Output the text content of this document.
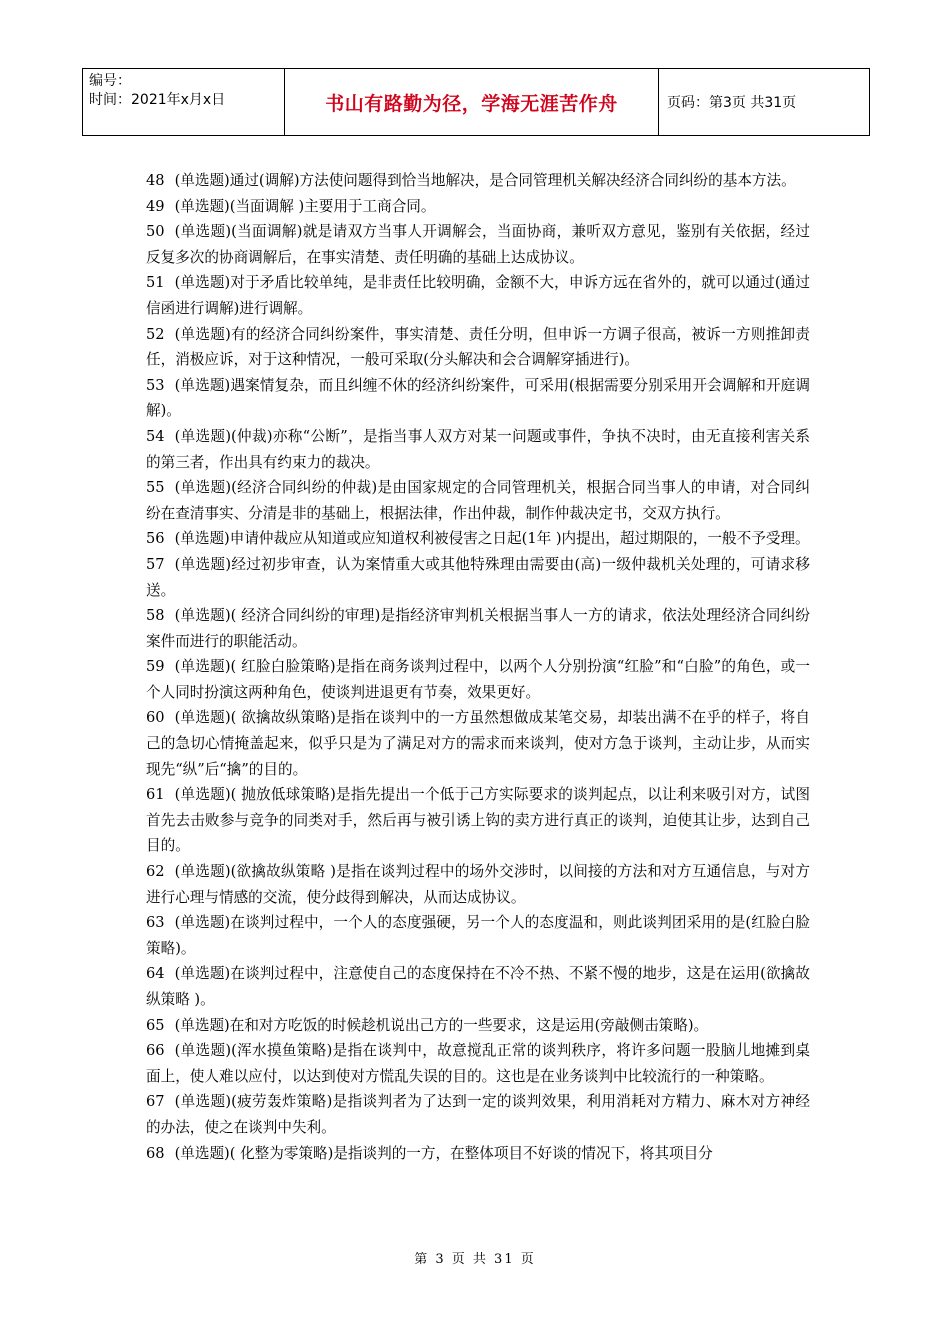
编号：
时间：2021年x月x日	书山有路勤为径，学海无涯苦作舟	页码：第3页 共31页

48 (单选题)通过(调解)方法使问题得到恰当地解决，是合同管理机关解决经济合同纠纷的基本方法。

49 (单选题)(当面调解 )主要用于工商合同。

50 (单选题)(当面调解)就是请双方当事人开调解会，当面协商，兼听双方意见，鉴别有关依据，经过反复多次的协商调解后，在事实清楚、责任明确的基础上达成协议。

51 (单选题)对于矛盾比较单纯，是非责任比较明确，金额不大，申诉方远在省外的，就可以通过(通过信函进行调解)进行调解。

52 (单选题)有的经济合同纠纷案件，事实清楚、责任分明，但申诉一方调子很高，被诉一方则推卸责任，消极应诉，对于这种情况，一般可采取(分头解决和会合调解穿插进行)。

53 (单选题)遇案情复杂，而且纠缠不休的经济纠纷案件，可采用(根据需要分别采用开会调解和开庭调解)。

54 (单选题)(仲裁)亦称“公断”，是指当事人双方对某一问题或事件，争执不决时，由无直接利害关系的第三者，作出具有约束力的裁决。

55 (单选题)(经济合同纠纷的仲裁)是由国家规定的合同管理机关，根据合同当事人的申请，对合同纠纷在查清事实、分清是非的基础上，根据法律，作出仲裁，制作仲裁决定书，交双方执行。

56 (单选题)申请仲裁应从知道或应知道权利被侵害之日起(1年 )内提出，超过期限的，一般不予受理。

57 (单选题)经过初步审查，认为案情重大或其他特殊理由需要由(高)一级仲裁机关处理的，可请求移送。

58 (单选题)( 经济合同纠纷的审理)是指经济审判机关根据当事人一方的请求，依法处理经济合同纠纷案件而进行的职能活动。

59 (单选题)( 红脸白脸策略)是指在商务谈判过程中，以两个人分别扮演“红脸”和“白脸”的角色，或一个人同时扮演这两种角色，使谈判进退更有节奏，效果更好。

60 (单选题)( 欲擒故纵策略)是指在谈判中的一方虽然想做成某笔交易，却装出满不在乎的样子，将自己的急切心情掩盖起来，似乎只是为了满足对方的需求而来谈判，使对方急于谈判，主动让步，从而实现先“纵”后“擒”的目的。

61 (单选题)( 抛放低球策略)是指先提出一个低于己方实际要求的谈判起点，以让利来吸引对方，试图首先去击败参与竞争的同类对手，然后再与被引诱上钩的卖方进行真正的谈判，迫使其让步，达到自己目的。

62 (单选题)(欲擒故纵策略 )是指在谈判过程中的场外交涉时，以间接的方法和对方互通信息，与对方进行心理与情感的交流，使分歧得到解决，从而达成协议。

63 (单选题)在谈判过程中，一个人的态度强硬，另一个人的态度温和，则此谈判团采用的是(红脸白脸策略)。

64 (单选题)在谈判过程中，注意使自己的态度保持在不冷不热、不紧不慢的地步，这是在运用(欲擒故纵策略 )。

65 (单选题)在和对方吃饭的时候趁机说出己方的一些要求，这是运用(旁敲侧击策略)。

66 (单选题)(浑水摸鱼策略)是指在谈判中，故意搅乱正常的谈判秩序，将许多问题一股脑儿地摊到桌面上，使人难以应付，以达到使对方慌乱失误的目的。这也是在业务谈判中比较流行的一种策略。

67 (单选题)(疲劳轰炸策略)是指谈判者为了达到一定的谈判效果，利用消耗对方精力、麻木对方神经的办法，使之在谈判中失利。

68 (单选题)( 化整为零策略)是指谈判的一方，在整体项目不好谈的情况下，将其项目分

第 3 页 共 31 页
